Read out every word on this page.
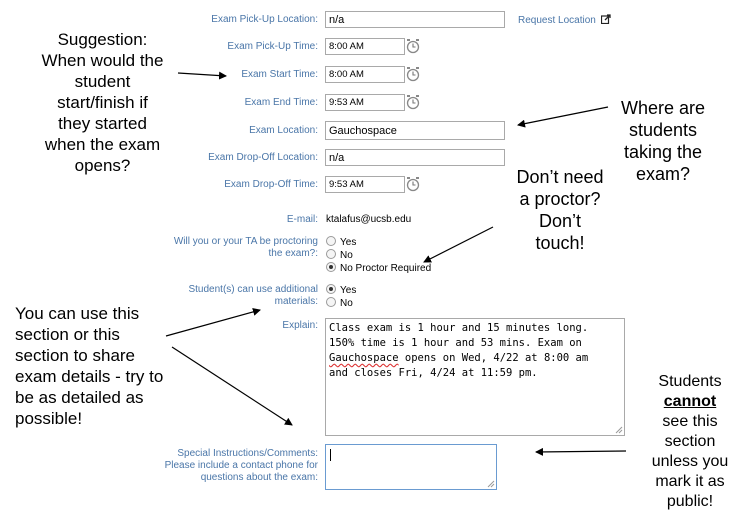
Exam Pick-Up Location:
Exam Pick-Up Time:
Exam Start Time:
Exam End Time:
Exam Location:
Exam Drop-Off Location:
Exam Drop-Off Time:
E-mail:
Will you or your TA be proctoring
the exam?:
Student(s) can use additional
materials:
Explain:
Special Instructions/Comments:
Please include a contact phone for
questions about the exam:
n/a
Request Location
8:00 AM
8:00 AM
9:53 AM
Gauchospace
n/a
9:53 AM
ktalafus@ucsb.edu
Yes
No
No Proctor Required
Yes
No
Class exam is 1 hour and 15 minutes long.
150% time is 1 hour and 53 mins. Exam on
Gauchospace opens on Wed, 4/22 at 8:00 am
and closes Fri, 4/24 at 11:59 pm.
Suggestion:
When would the
student
start/finish if
they started
when the exam
opens?
Where are
students
taking the
exam?
Don’t need
a proctor?
Don’t
touch!
You can use this
section or this
section to share
exam details - try to
be as detailed as
possible!
Students
cannot
see this
section
unless you
mark it as
public!
